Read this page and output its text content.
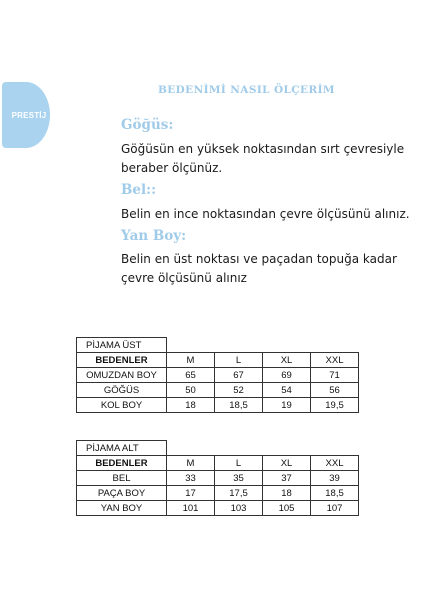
PRESTİJ
BEDENİMİ NASIL ÖLÇERİM
Göğüs:
Göğüsün en yüksek noktasından sırt çevresiyle beraber ölçünüz.
Bel::
Belin en ince noktasından çevre ölçüsünü alınız.
Yan Boy:
Belin en üst noktası ve paçadan topuğa kadar çevre ölçüsünü alınız
PİJAMA ÜST				
BEDENLER	M	L	XL	XXL
OMUZDAN BOY	65	67	69	71
GÖĞÜS	50	52	54	56
KOL BOY	18	18,5	19	19,5
PİJAMA ALT				
BEDENLER	M	L	XL	XXL
BEL	33	35	37	39
PAÇA BOY	17	17,5	18	18,5
YAN BOY	101	103	105	107
